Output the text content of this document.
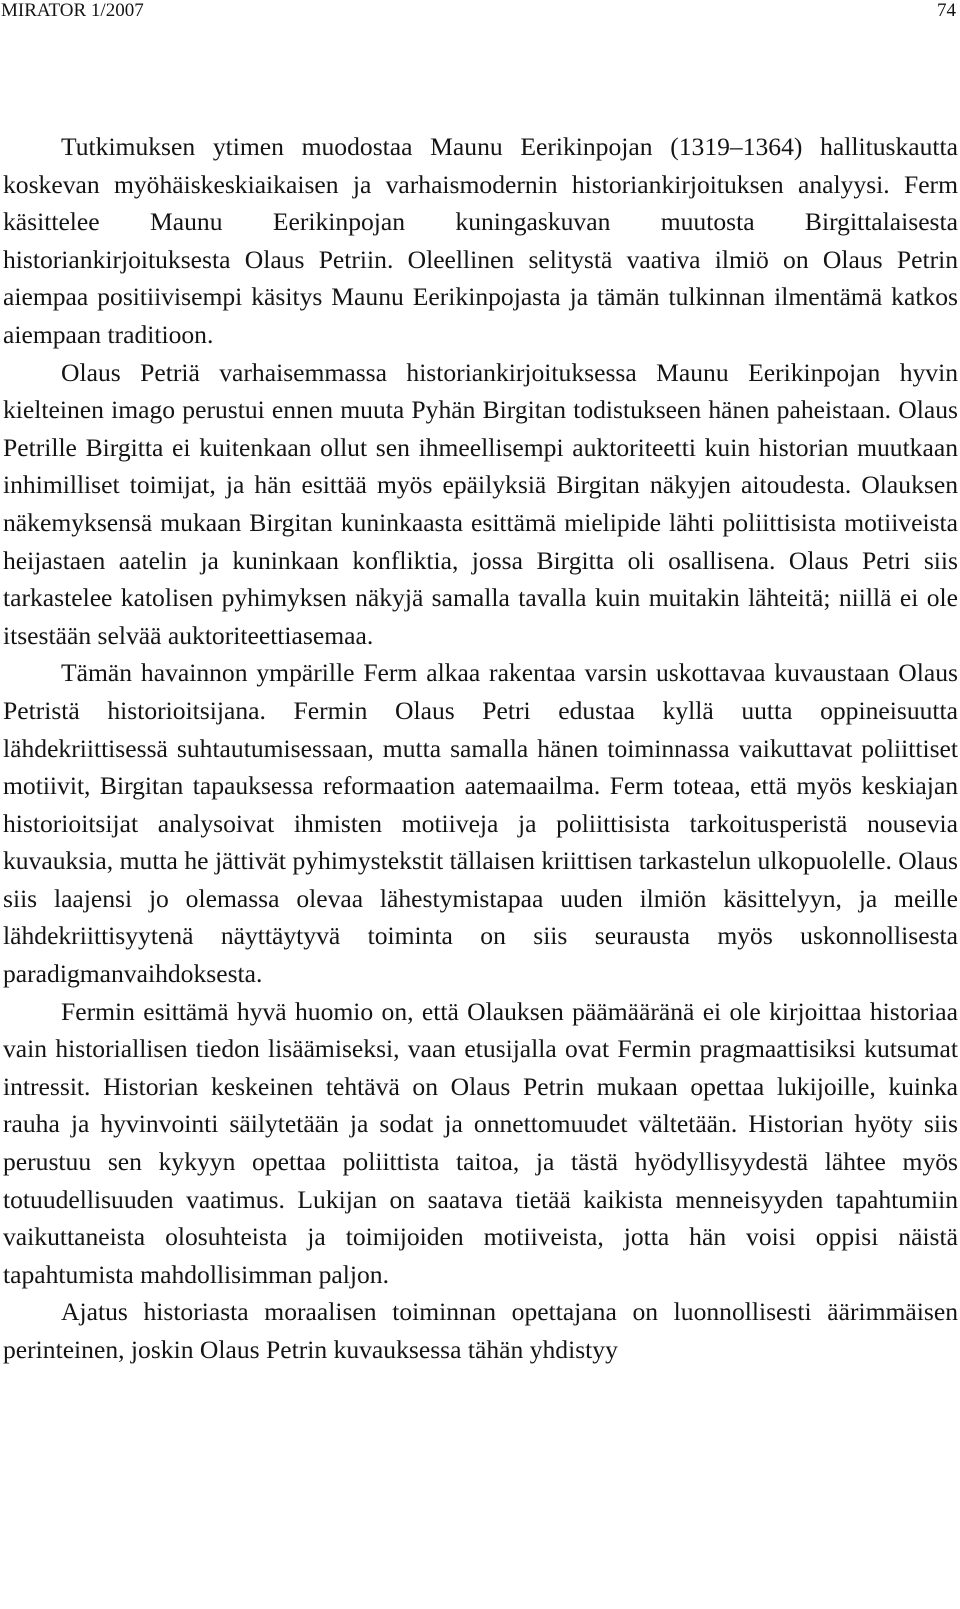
MIRATOR 1/2007	74

Tutkimuksen ytimen muodostaa Maunu Eerikinpojan (1319–1364) hallituskautta koskevan myöhäiskeskiaikaisen ja varhaismodernin historiankirjoituksen analyysi. Ferm käsittelee Maunu Eerikinpojan kuningaskuvan muutosta Birgittalaisesta historiankirjoituksesta Olaus Petriin. Oleellinen selitystä vaativa ilmiö on Olaus Petrin aiempaa positiivisempi käsitys Maunu Eerikinpojasta ja tämän tulkinnan ilmentämä katkos aiempaan traditioon.

Olaus Petriä varhaisemmassa historiankirjoituksessa Maunu Eerikinpojan hyvin kielteinen imago perustui ennen muuta Pyhän Birgitan todistukseen hänen paheistaan. Olaus Petrille Birgitta ei kuitenkaan ollut sen ihmeellisempi auktoriteetti kuin historian muutkaan inhimilliset toimijat, ja hän esittää myös epäilyksiä Birgitan näkyjen aitoudesta. Olauksen näkemyksensä mukaan Birgitan kuninkaasta esittämä mielipide lähti poliittisista motiiveista heijastaen aatelin ja kuninkaan konfliktia, jossa Birgitta oli osallisena. Olaus Petri siis tarkastelee katolisen pyhimyksen näkyjä samalla tavalla kuin muitakin lähteitä; niillä ei ole itsestään selvää auktoriteettiasemaa.

Tämän havainnon ympärille Ferm alkaa rakentaa varsin uskottavaa kuvaustaan Olaus Petristä historioitsijana. Fermin Olaus Petri edustaa kyllä uutta oppineisuutta lähdekriittisessä suhtautumisessaan, mutta samalla hänen toiminnassa vaikuttavat poliittiset motiivit, Birgitan tapauksessa reformaation aatemaailma. Ferm toteaa, että myös keskiajan historioitsijat analysoivat ihmisten motiiveja ja poliittisista tarkoitusperistä nousevia kuvauksia, mutta he jättivät pyhimystekstit tällaisen kriittisen tarkastelun ulkopuolelle. Olaus siis laajensi jo olemassa olevaa lähestymistapaa uuden ilmiön käsittelyyn, ja meille lähdekriittisyytenä näyttäytyvä toiminta on siis seurausta myös uskonnollisesta paradigmanvaihdoksesta.

Fermin esittämä hyvä huomio on, että Olauksen päämääränä ei ole kirjoittaa historiaa vain historiallisen tiedon lisäämiseksi, vaan etusijalla ovat Fermin pragmaattisiksi kutsumat intressit. Historian keskeinen tehtävä on Olaus Petrin mukaan opettaa lukijoille, kuinka rauha ja hyvinvointi säilytetään ja sodat ja onnettomuudet vältetään. Historian hyöty siis perustuu sen kykyyn opettaa poliittista taitoa, ja tästä hyödyllisyydestä lähtee myös totuudellisuuden vaatimus. Lukijan on saatava tietää kaikista menneisyyden tapahtumiin vaikuttaneista olosuhteista ja toimijoiden motiiveista, jotta hän voisi oppisi näistä tapahtumista mahdollisimman paljon.

Ajatus historiasta moraalisen toiminnan opettajana on luonnollisesti äärimmäisen perinteinen, joskin Olaus Petrin kuvauksessa tähän yhdistyy
